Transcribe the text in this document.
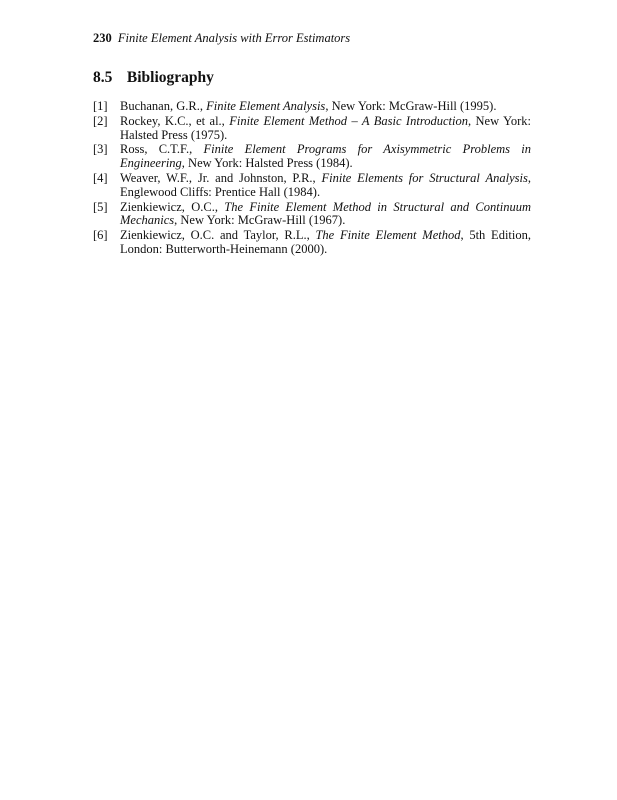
230 Finite Element Analysis with Error Estimators
8.5 Bibliography
[1] Buchanan, G.R., Finite Element Analysis, New York: McGraw-Hill (1995).
[2] Rockey, K.C., et al., Finite Element Method – A Basic Introduction, New York: Halsted Press (1975).
[3] Ross, C.T.F., Finite Element Programs for Axisymmetric Problems in Engineering, New York: Halsted Press (1984).
[4] Weaver, W.F., Jr. and Johnston, P.R., Finite Elements for Structural Analysis, Englewood Cliffs: Prentice Hall (1984).
[5] Zienkiewicz, O.C., The Finite Element Method in Structural and Continuum Mechanics, New York: McGraw-Hill (1967).
[6] Zienkiewicz, O.C. and Taylor, R.L., The Finite Element Method, 5th Edition, London: Butterworth-Heinemann (2000).
